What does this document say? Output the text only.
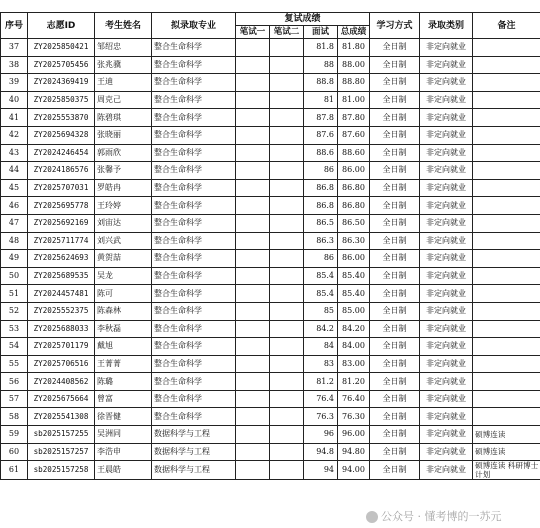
序号	志愿ID	考生姓名	拟录取专业	复试成绩				学习方式	录取类别	备注
				笔试一	笔试二	面试	总成绩			
37	ZY2025850421	邹绍忠	整合生命科学			81.8	81.80	全日制	非定向就业	
38	ZY2025705456	张兆骥	整合生命科学			88	88.00	全日制	非定向就业	
39	ZY2024369419	王迪	整合生命科学			88.8	88.80	全日制	非定向就业	
40	ZY2025850375	周克己	整合生命科学			81	81.00	全日制	非定向就业	
41	ZY2025553870	陈碧琪	整合生命科学			87.8	87.80	全日制	非定向就业	
42	ZY2025694328	张晓丽	整合生命科学			87.6	87.60	全日制	非定向就业	
43	ZY2024246454	郭雨欣	整合生命科学			88.6	88.60	全日制	非定向就业	
44	ZY2024186576	张馨予	整合生命科学			86	86.00	全日制	非定向就业	
45	ZY2025707031	罗皓冉	整合生命科学			86.8	86.80	全日制	非定向就业	
46	ZY2025695778	王玲婷	整合生命科学			86.8	86.80	全日制	非定向就业	
47	ZY2025692169	刘宙达	整合生命科学			86.5	86.50	全日制	非定向就业	
48	ZY2025711774	刘兴武	整合生命科学			86.3	86.30	全日制	非定向就业	
49	ZY2025624693	黄贺喆	整合生命科学			86	86.00	全日制	非定向就业	
50	ZY2025689535	吴龙	整合生命科学			85.4	85.40	全日制	非定向就业	
51	ZY2024457481	陈可	整合生命科学			85.4	85.40	全日制	非定向就业	
52	ZY2025552375	陈森林	整合生命科学			85	85.00	全日制	非定向就业	
53	ZY2025688033	李秋磊	整合生命科学			84.2	84.20	全日制	非定向就业	
54	ZY2025701179	戴旭	整合生命科学			84	84.00	全日制	非定向就业	
55	ZY2025706516	王菁菁	整合生命科学			83	83.00	全日制	非定向就业	
56	ZY2024408562	陈璐	整合生命科学			81.2	81.20	全日制	非定向就业	
57	ZY2025675664	曾富	整合生命科学			76.4	76.40	全日制	非定向就业	
58	ZY2025541308	徐晋健	整合生命科学			76.3	76.30	全日制	非定向就业	
59	sb2025157255	吴洲同	数据科学与工程			96	96.00	全日制	非定向就业	硕博连读
60	sb2025157257	李浩申	数据科学与工程			94.8	94.80	全日制	非定向就业	硕博连读
61	sb2025157258	王晨皓	数据科学与工程			94	94.00	全日制	非定向就业	硕博连读 科研博士计划
公众号 · 懂考博的一苏元
